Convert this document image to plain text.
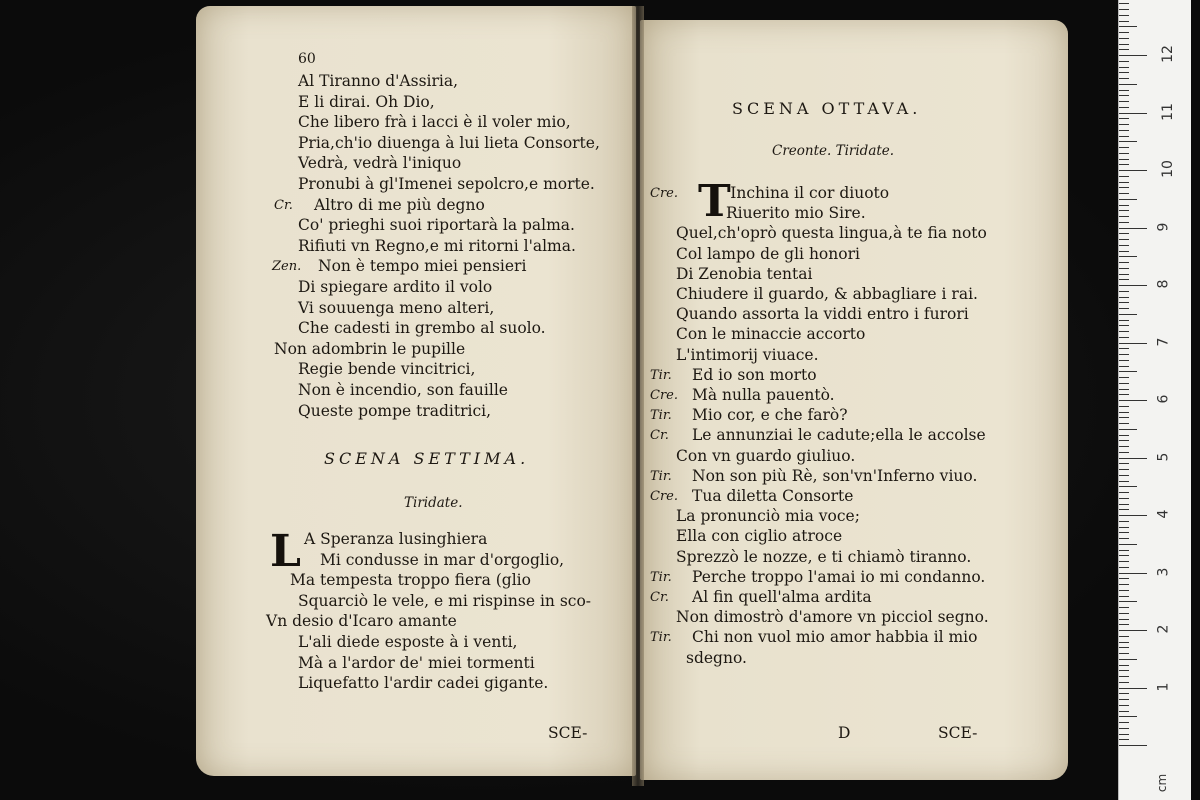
60
Al Tiranno d'Assiria,
E li dirai. Oh Dio,
Che libero frà i lacci è il voler mio,
Pria,ch'io diuenga à lui lieta Consorte,
Vedrà, vedrà l'iniquo
Pronubi à gl'Imenei sepolcro,e morte.
Cr. Altro di me più degno
Co' prieghi suoi riportarà la palma.
Rifiuti vn Regno,e mi ritorni l'alma.
Zen. Non è tempo miei pensieri
Di spiegare ardito il volo
Vi souuenga meno alteri,
Che cadesti in grembo al suolo.
Non adombrin le pupille
Regie bende vincitrici,
Non è incendio, son fauille
Queste pompe traditrici,
SCENA SETTIMA.
Tiridate.
L A Speranza lusinghiera
Mi condusse in mar d'orgoglio,
Ma tempesta troppo fiera (glio
Squarciò le vele, e mi rispinse in sco-
Vn desio d'Icaro amante
L'ali diede esposte à i venti,
Mà a l'ardor de' miei tormenti
Liquefatto l'ardir cadei gigante.
SCE-
SCENA OTTAVA.
Creonte. Tiridate.
T
Cre.	'Inchina il cor diuoto
Riuerito mio Sire.
Quel,ch'oprò questa lingua,à te fia noto
Col lampo de gli honori
Di Zenobia tentai
Chiudere il guardo, & abbagliare i rai.
Quando assorta la viddi entro i furori
Con le minaccie accorto
L'intimorij viuace.
Tir. Ed io son morto
Cre. Mà nulla pauentò.
Tir. Mio cor, e che farò?
Cr. Le annunziai le cadute;ella le accolse
Con vn guardo giuliuo.
Tir. Non son più Rè, son'vn'Inferno viuo.
Cre. Tua diletta Consorte
La pronunciò mia voce;
Ella con ciglio atroce
Sprezzò le nozze, e ti chiamò tiranno.
Tir. Perche troppo l'amai io mi condanno.
Cr. Al fin quell'alma ardita
Non dimostrò d'amore vn picciol segno.
Tir. Chi non vuol mio amor habbia il mio
sdegno.
D	SCE-
cm
1
2
3
4
5
6
7
8
9
10
11
12
